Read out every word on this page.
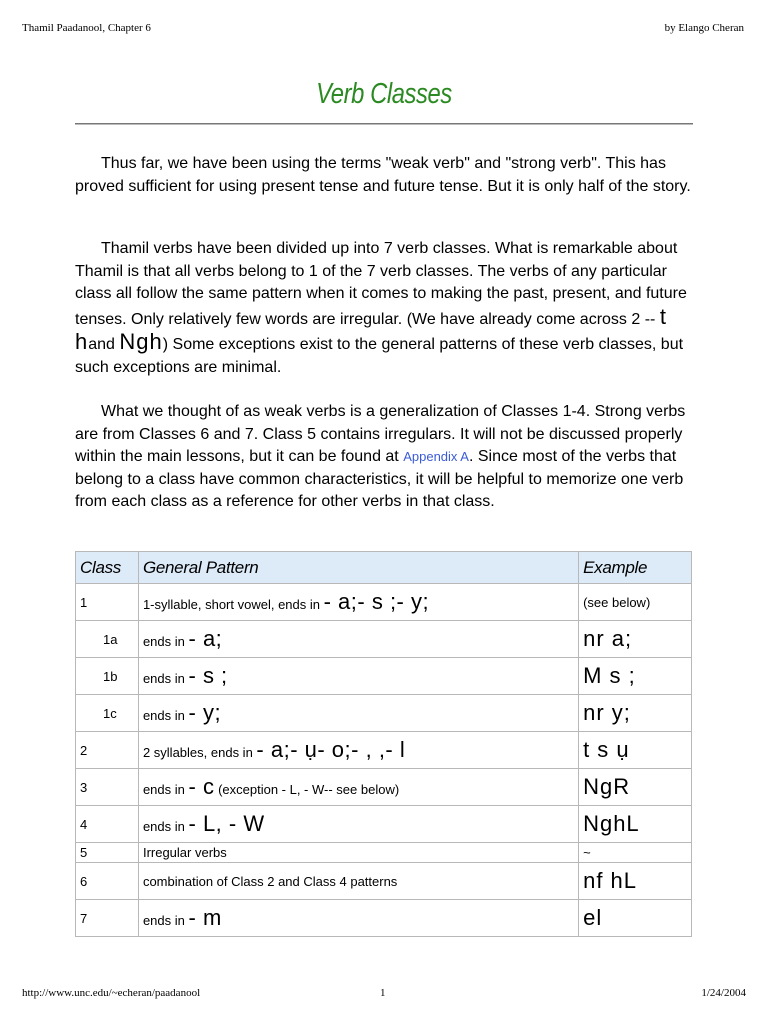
Thamil Paadanool, Chapter 6	by Elango Cheran
Verb Classes
Thus far, we have been using the terms "weak verb" and "strong verb". This has proved sufficient for using present tense and future tense. But it is only half of the story.
Thamil verbs have been divided up into 7 verb classes. What is remarkable about Thamil is that all verbs belong to 1 of the 7 verb classes. The verbs of any particular class all follow the same pattern when it comes to making the past, present, and future tenses. Only relatively few words are irregular. (We have already come across 2 -- t hand Ngh) Some exceptions exist to the general patterns of these verb classes, but such exceptions are minimal.
What we thought of as weak verbs is a generalization of Classes 1-4. Strong verbs are from Classes 6 and 7. Class 5 contains irregulars. It will not be discussed properly within the main lessons, but it can be found at Appendix A. Since most of the verbs that belong to a class have common characteristics, it will be helpful to memorize one verb from each class as a reference for other verbs in that class.
Class	General Pattern	Example
1	1-syllable, short vowel, ends in - a;- s ;- y;	(see below)
1a	ends in - a;	nr a;
1b	ends in - s ;	M s ;
1c	ends in - y;	nr y;
2	2 syllables, ends in - a;- ụ- o;- , ,- l	t s ụ
3	ends in - c (exception - L, - W-- see below)	NgR
4	ends in - L, - W	NghL
5	Irregular verbs	~
6	combination of Class 2 and Class 4 patterns	nf hL
7	ends in - m	el
http://www.unc.edu/~echeran/paadanool	1	1/24/2004
